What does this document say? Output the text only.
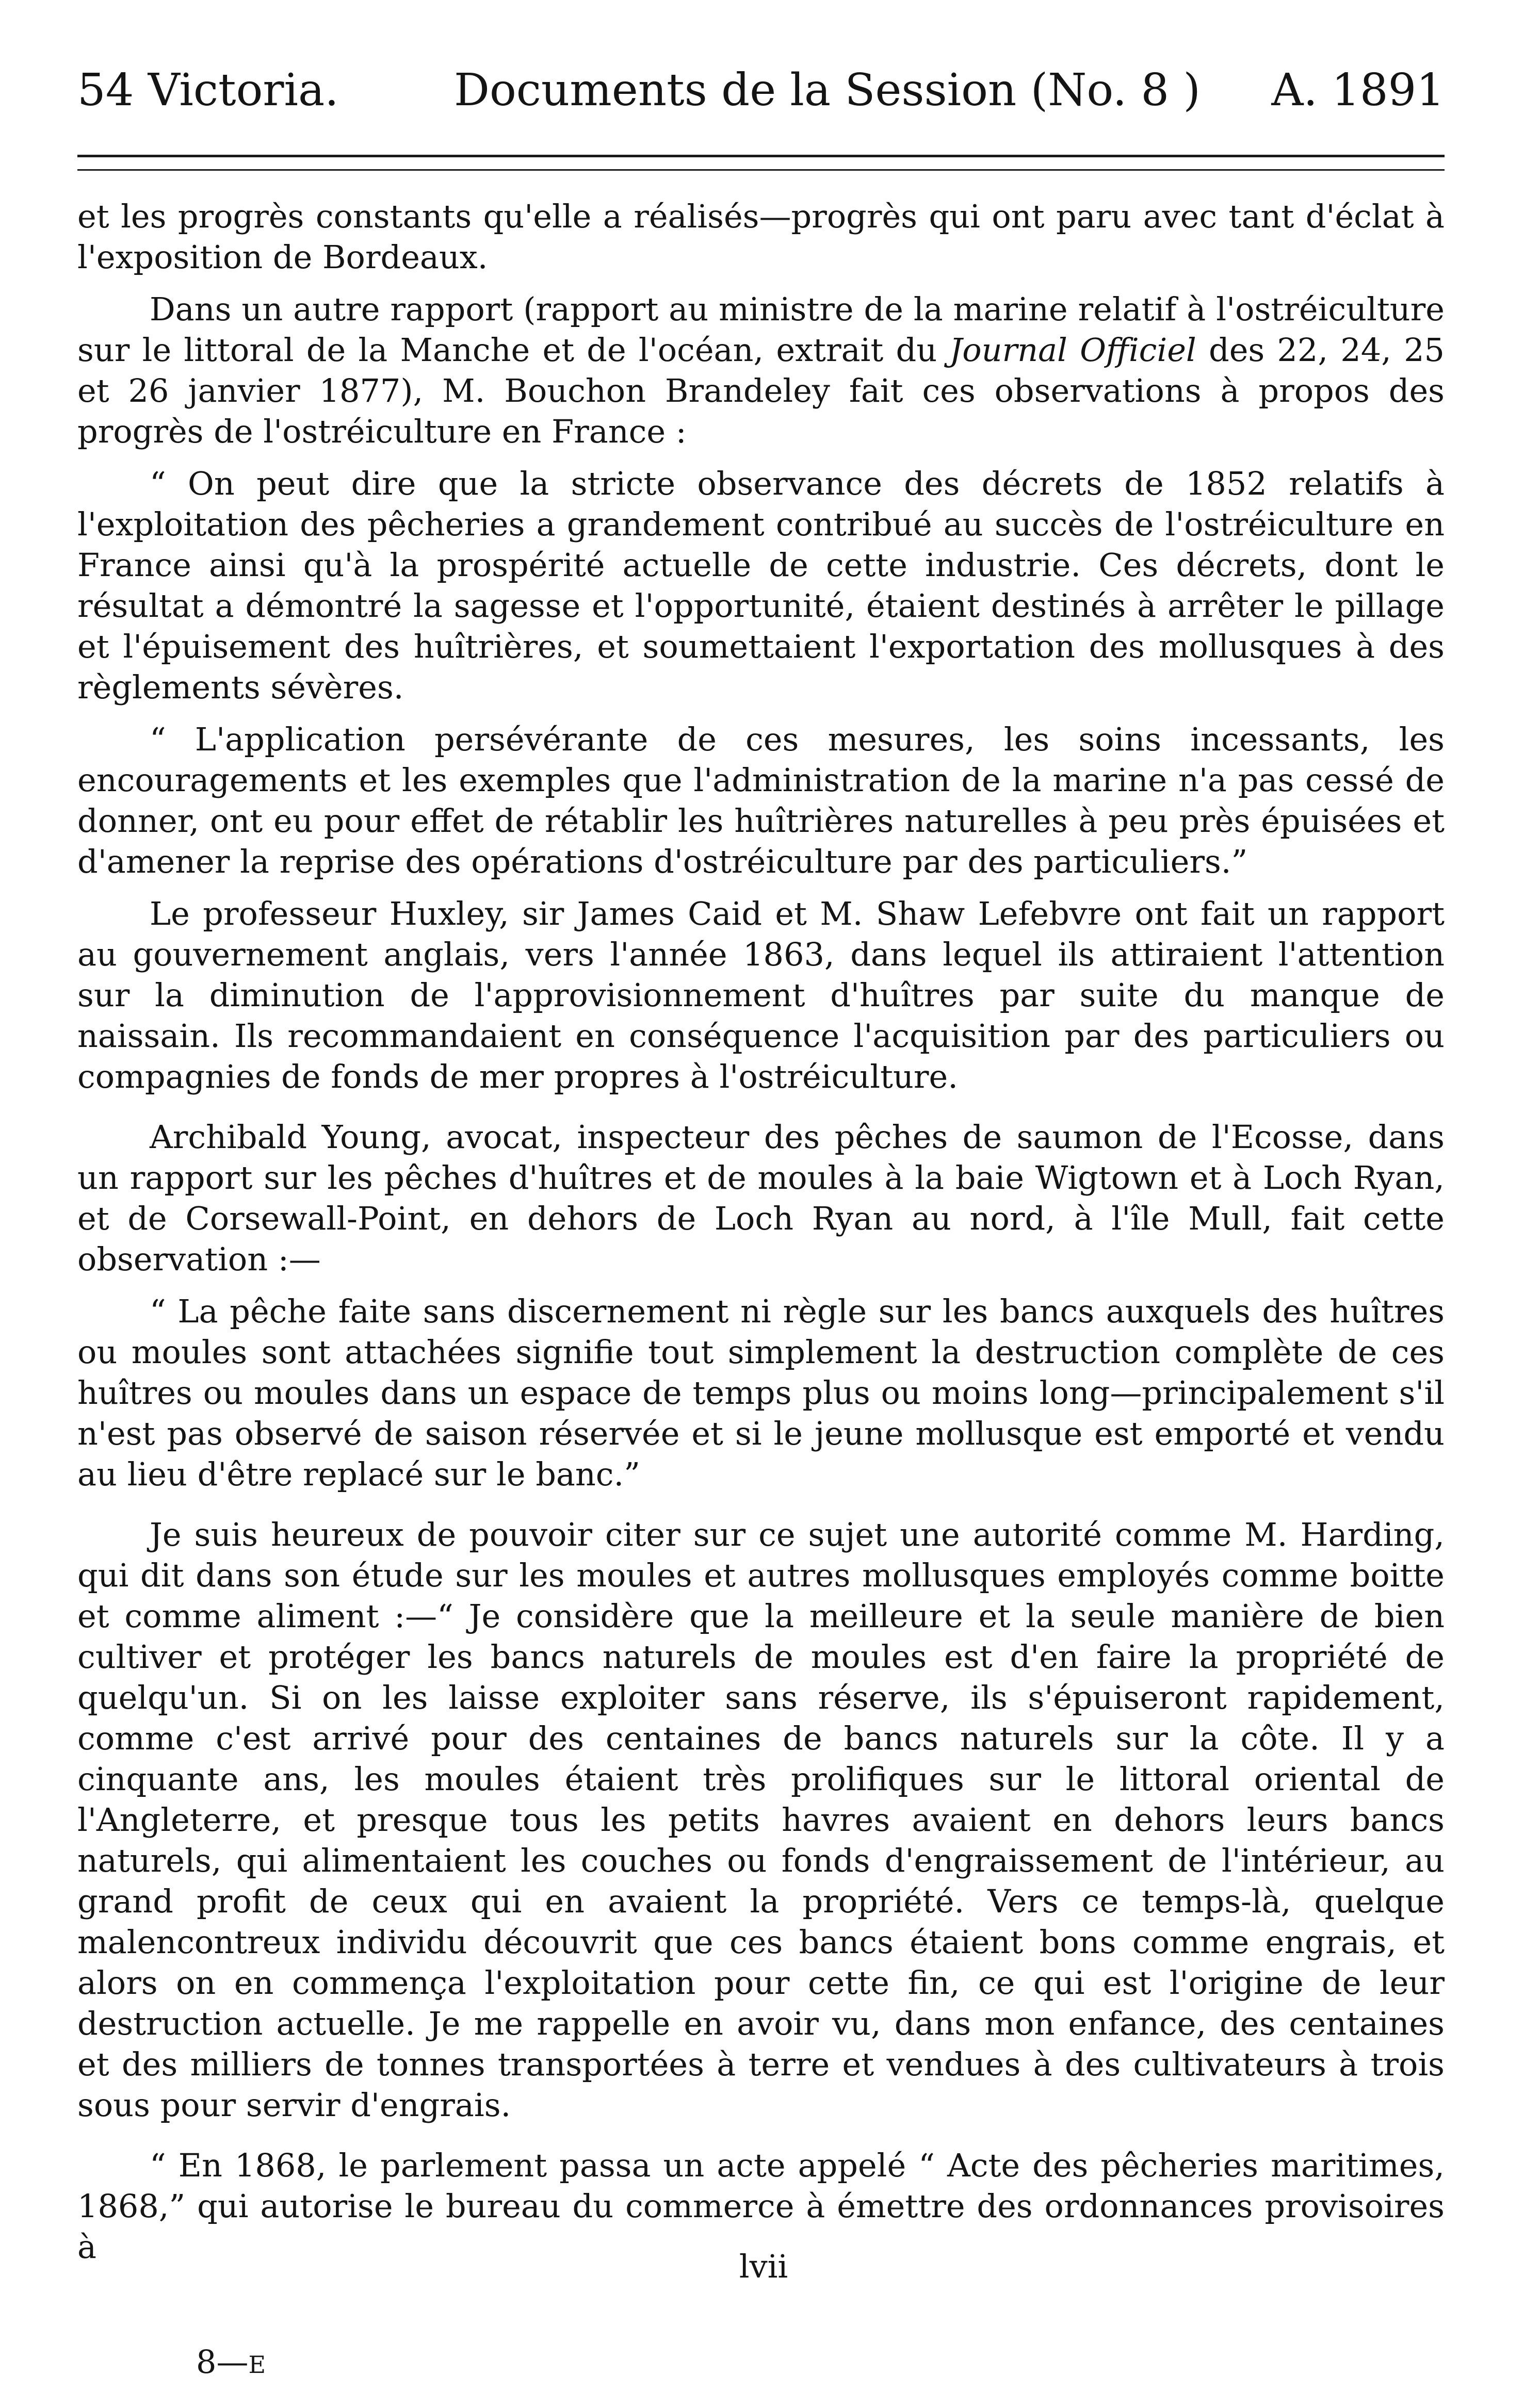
54 Victoria.	Documents de la Session (No. 8 ) A. 1891

et les progrès constants qu'elle a réalisés—progrès qui ont paru avec tant d'éclat à l'exposition de Bordeaux.

Dans un autre rapport (rapport au ministre de la marine relatif à l'ostréiculture sur le littoral de la Manche et de l'océan, extrait du Journal Officiel des 22, 24, 25 et 26 janvier 1877), M. Bouchon Brandeley fait ces observations à propos des progrès de l'ostréiculture en France :

“ On peut dire que la stricte observance des décrets de 1852 relatifs à l'exploitation des pêcheries a grandement contribué au succès de l'ostréiculture en France ainsi qu'à la prospérité actuelle de cette industrie. Ces décrets, dont le résultat a démontré la sagesse et l'opportunité, étaient destinés à arrêter le pillage et l'épuisement des huîtrières, et soumettaient l'exportation des mollusques à des règlements sévères.

“ L'application persévérante de ces mesures, les soins incessants, les encouragements et les exemples que l'administration de la marine n'a pas cessé de donner, ont eu pour effet de rétablir les huîtrières naturelles à peu près épuisées et d'amener la reprise des opérations d'ostréiculture par des particuliers.”

Le professeur Huxley, sir James Caid et M. Shaw Lefebvre ont fait un rapport au gouvernement anglais, vers l'année 1863, dans lequel ils attiraient l'attention sur la diminution de l'approvisionnement d'huîtres par suite du manque de naissain. Ils recommandaient en conséquence l'acquisition par des particuliers ou compagnies de fonds de mer propres à l'ostréiculture.

Archibald Young, avocat, inspecteur des pêches de saumon de l'Ecosse, dans un rapport sur les pêches d'huîtres et de moules à la baie Wigtown et à Loch Ryan, et de Corsewall-Point, en dehors de Loch Ryan au nord, à l'île Mull, fait cette observation :—

“ La pêche faite sans discernement ni règle sur les bancs auxquels des huîtres ou moules sont attachées signifie tout simplement la destruction complète de ces huîtres ou moules dans un espace de temps plus ou moins long—principalement s'il n'est pas observé de saison réservée et si le jeune mollusque est emporté et vendu au lieu d'être replacé sur le banc.”

Je suis heureux de pouvoir citer sur ce sujet une autorité comme M. Harding, qui dit dans son étude sur les moules et autres mollusques employés comme boitte et comme aliment :—“ Je considère que la meilleure et la seule manière de bien cultiver et protéger les bancs naturels de moules est d'en faire la propriété de quelqu'un. Si on les laisse exploiter sans réserve, ils s'épuiseront rapidement, comme c'est arrivé pour des centaines de bancs naturels sur la côte. Il y a cinquante ans, les moules étaient très prolifiques sur le littoral oriental de l'Angleterre, et presque tous les petits havres avaient en dehors leurs bancs naturels, qui alimentaient les couches ou fonds d'engraissement de l'intérieur, au grand profit de ceux qui en avaient la propriété. Vers ce temps-là, quelque malencontreux individu découvrit que ces bancs étaient bons comme engrais, et alors on en commença l'exploitation pour cette fin, ce qui est l'origine de leur destruction actuelle. Je me rappelle en avoir vu, dans mon enfance, des centaines et des milliers de tonnes transportées à terre et vendues à des cultivateurs à trois sous pour servir d'engrais.

“ En 1868, le parlement passa un acte appelé “ Acte des pêcheries maritimes, 1868,” qui autorise le bureau du commerce à émettre des ordonnances provisoires à

lvii
8—E
